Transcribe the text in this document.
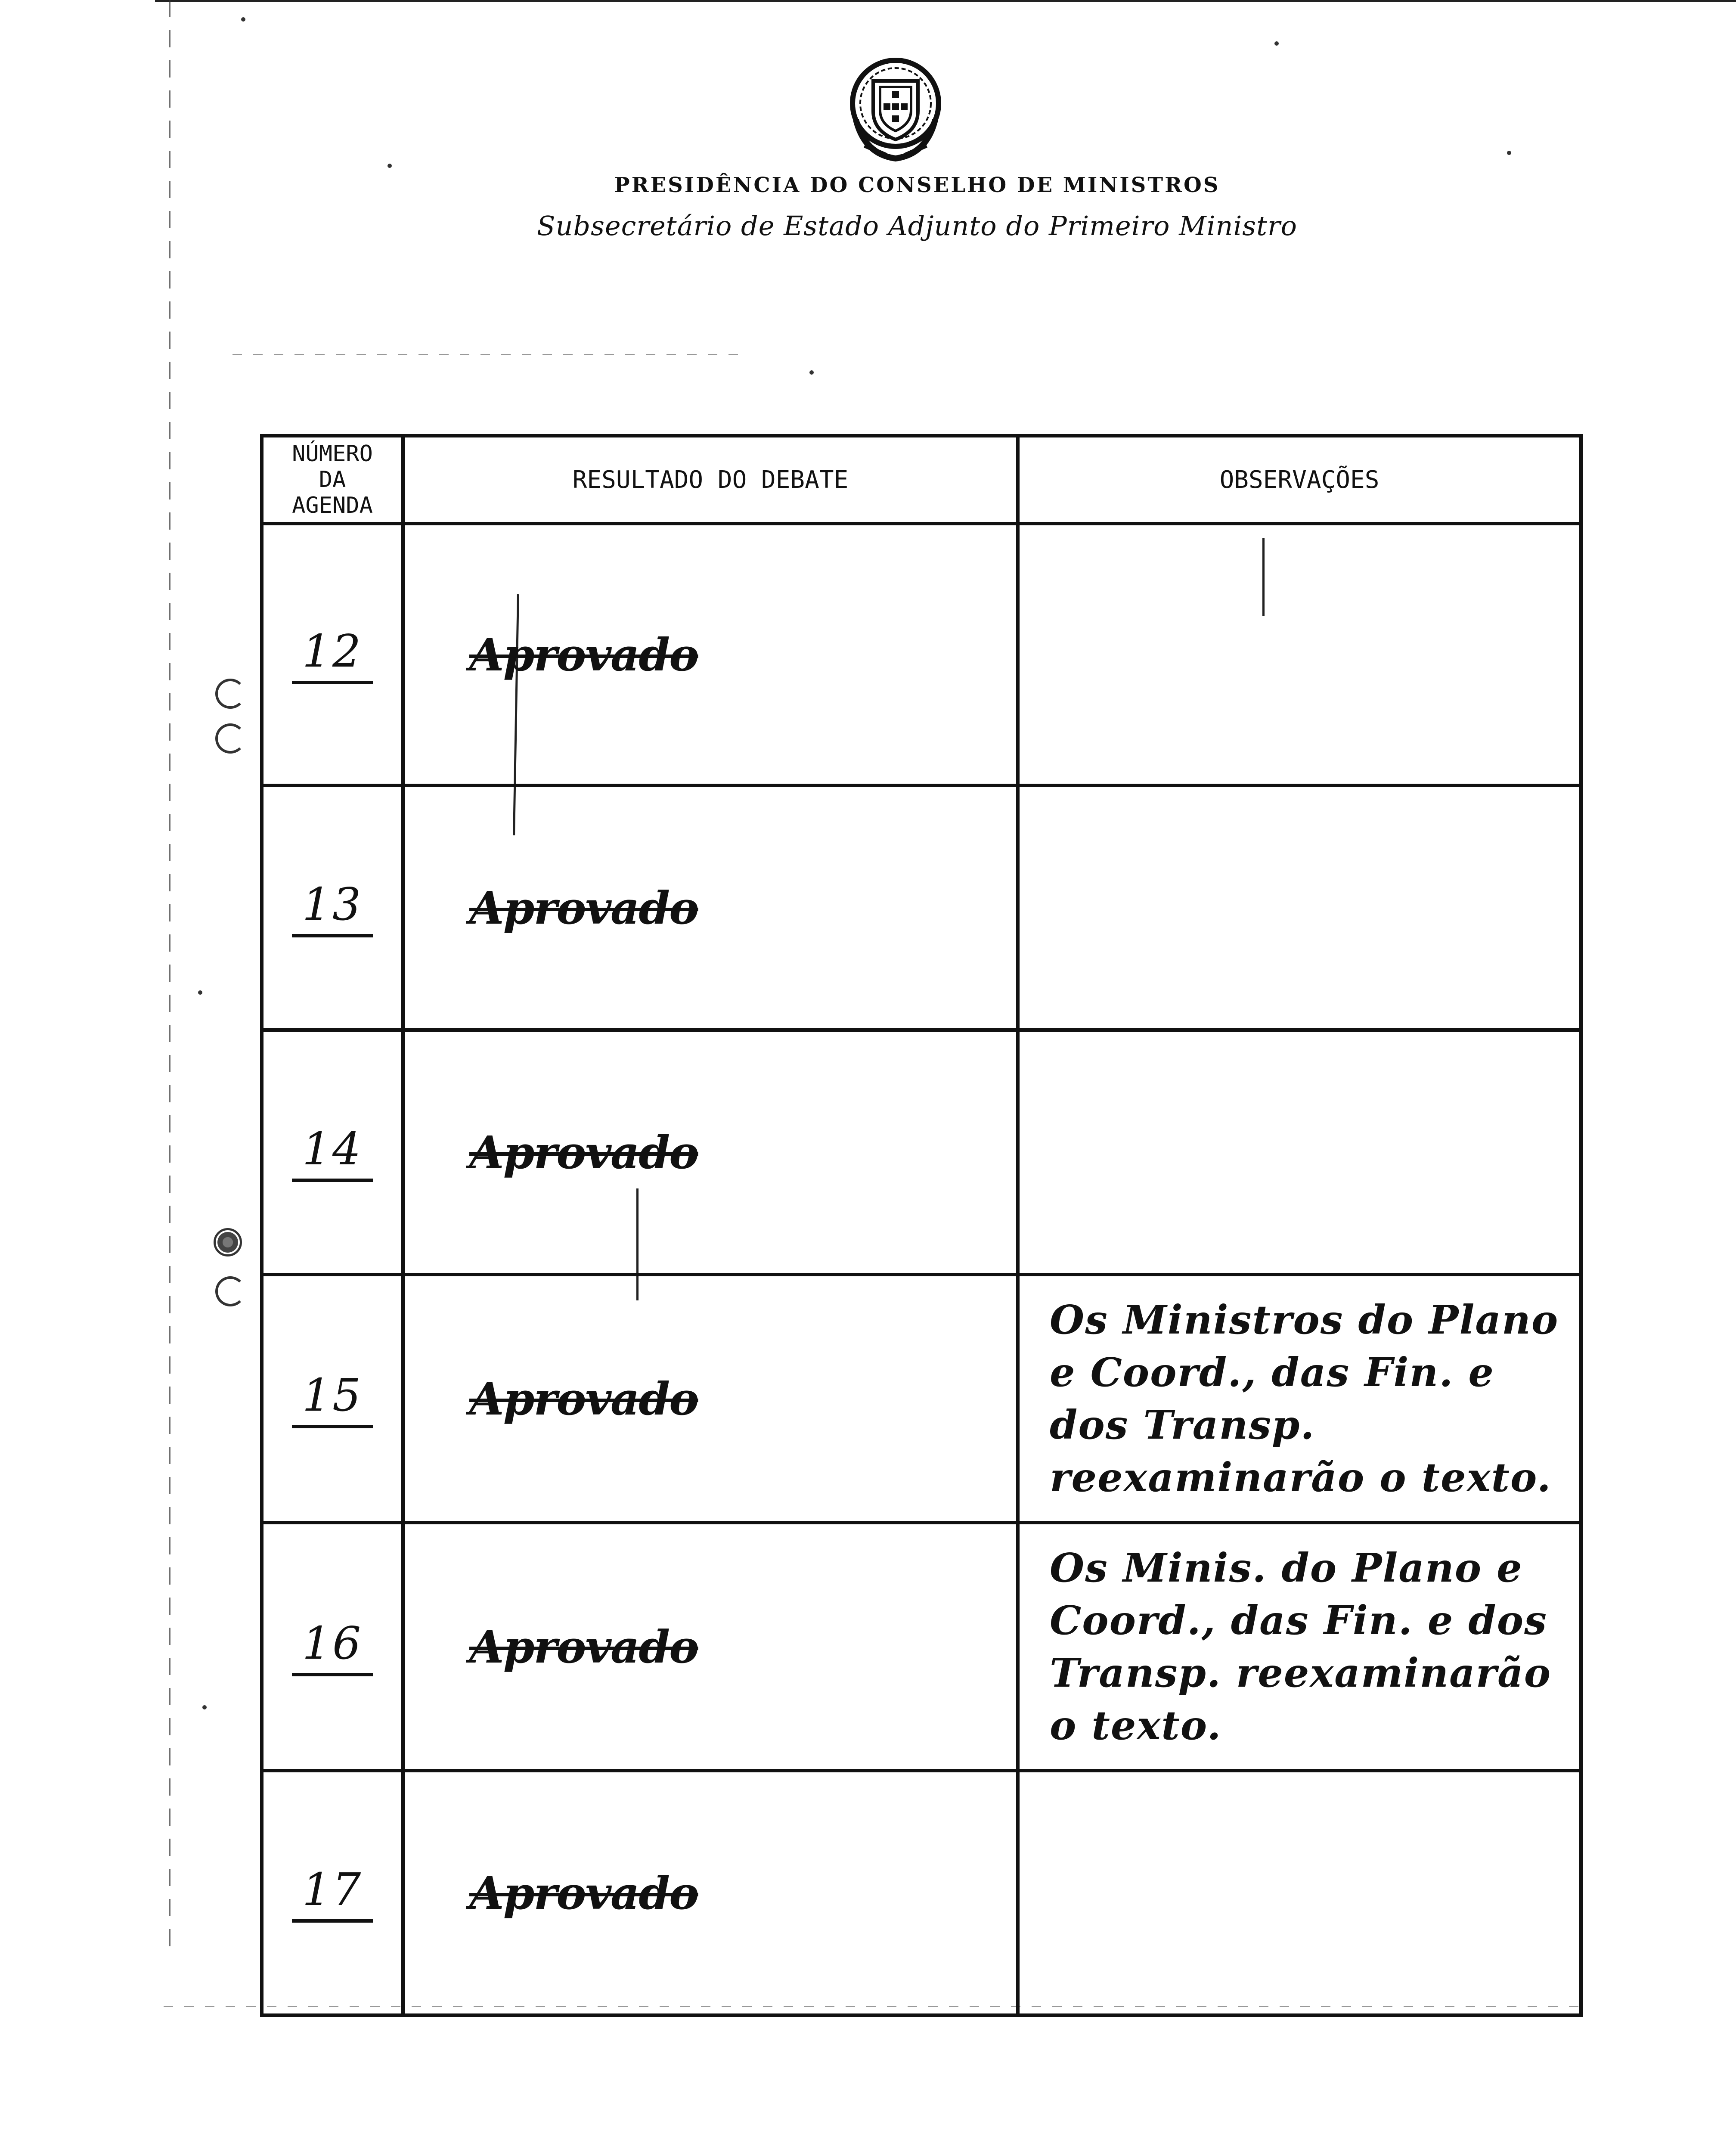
PRESIDÊNCIA DO CONSELHO DE MINISTROS
Subsecretário de Estado Adjunto do Primeiro Ministro
NÚMERO
DA
AGENDA	RESULTADO DO DEBATE	OBSERVAÇÕES
12	Aprovado	

13	Aprovado	

14	Aprovado	

15	Aprovado	Os Ministros do Plano e Coord., das Fin. e dos Transp. reexaminarão o texto.

16	Aprovado	Os Minis. do Plano e Coord., das Fin. e dos Transp. reexaminarão o texto.

17	Aprovado	
